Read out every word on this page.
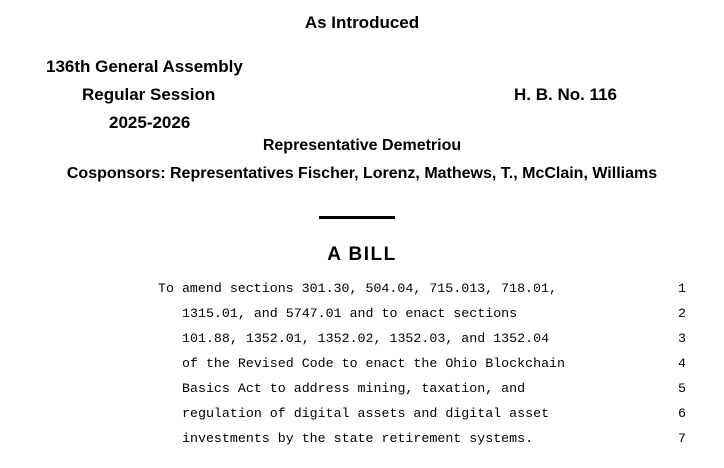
As Introduced
136th General Assembly
Regular Session	H. B. No. 116
2025-2026
Representative Demetriou
Cosponsors: Representatives Fischer, Lorenz, Mathews, T., McClain, Williams
A BILL
To amend sections 301.30, 504.04, 715.013, 718.01,	1
1315.01, and 5747.01 and to enact sections	2
101.88, 1352.01, 1352.02, 1352.03, and 1352.04	3
of the Revised Code to enact the Ohio Blockchain	4
Basics Act to address mining, taxation, and	5
regulation of digital assets and digital asset	6
investments by the state retirement systems.	7
